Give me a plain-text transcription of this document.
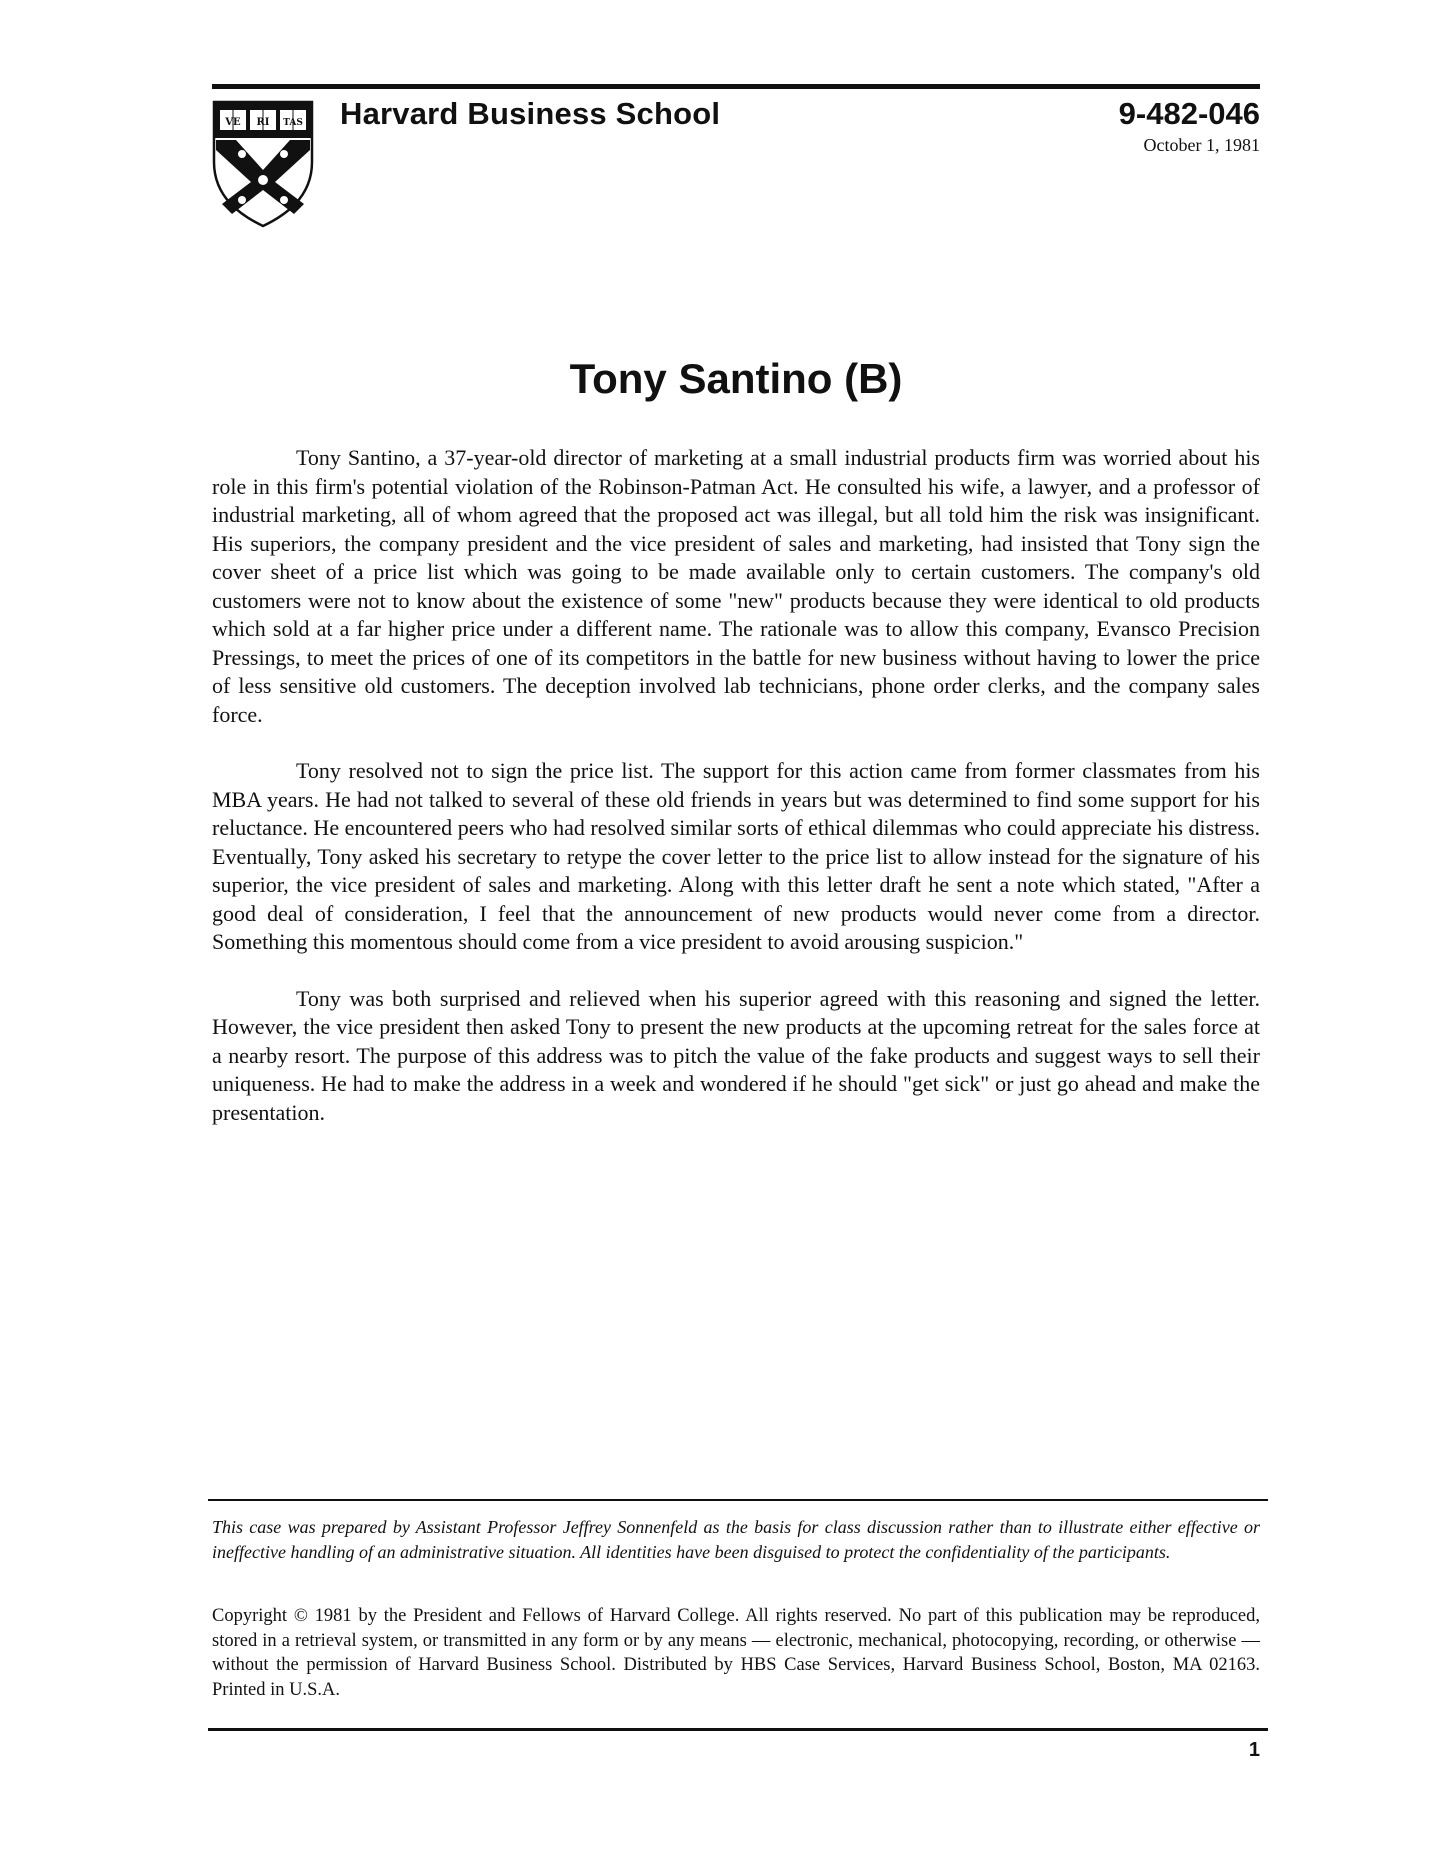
VE RI TAS Harvard Business School	9-482-046
October 1, 1981
Tony Santino (B)

Tony Santino, a 37-year-old director of marketing at a small industrial products firm was worried about his role in this firm's potential violation of the Robinson-Patman Act. He consulted his wife, a lawyer, and a professor of industrial marketing, all of whom agreed that the proposed act was illegal, but all told him the risk was insignificant. His superiors, the company president and the vice president of sales and marketing, had insisted that Tony sign the cover sheet of a price list which was going to be made available only to certain customers. The company's old customers were not to know about the existence of some "new" products because they were identical to old products which sold at a far higher price under a different name. The rationale was to allow this company, Evansco Precision Pressings, to meet the prices of one of its competitors in the battle for new business without having to lower the price of less sensitive old customers. The deception involved lab technicians, phone order clerks, and the company sales force.

Tony resolved not to sign the price list. The support for this action came from former classmates from his MBA years. He had not talked to several of these old friends in years but was determined to find some support for his reluctance. He encountered peers who had resolved similar sorts of ethical dilemmas who could appreciate his distress. Eventually, Tony asked his secretary to retype the cover letter to the price list to allow instead for the signature of his superior, the vice president of sales and marketing. Along with this letter draft he sent a note which stated, "After a good deal of consideration, I feel that the announcement of new products would never come from a director. Something this momentous should come from a vice president to avoid arousing suspicion."

Tony was both surprised and relieved when his superior agreed with this reasoning and signed the letter. However, the vice president then asked Tony to present the new products at the upcoming retreat for the sales force at a nearby resort. The purpose of this address was to pitch the value of the fake products and suggest ways to sell their uniqueness. He had to make the address in a week and wondered if he should "get sick" or just go ahead and make the presentation.

This case was prepared by Assistant Professor Jeffrey Sonnenfeld as the basis for class discussion rather than to illustrate either effective or ineffective handling of an administrative situation. All identities have been disguised to protect the confidentiality of the participants.

Copyright © 1981 by the President and Fellows of Harvard College. All rights reserved. No part of this publication may be reproduced, stored in a retrieval system, or transmitted in any form or by any means — electronic, mechanical, photocopying, recording, or otherwise — without the permission of Harvard Business School. Distributed by HBS Case Services, Harvard Business School, Boston, MA 02163. Printed in U.S.A.

1
